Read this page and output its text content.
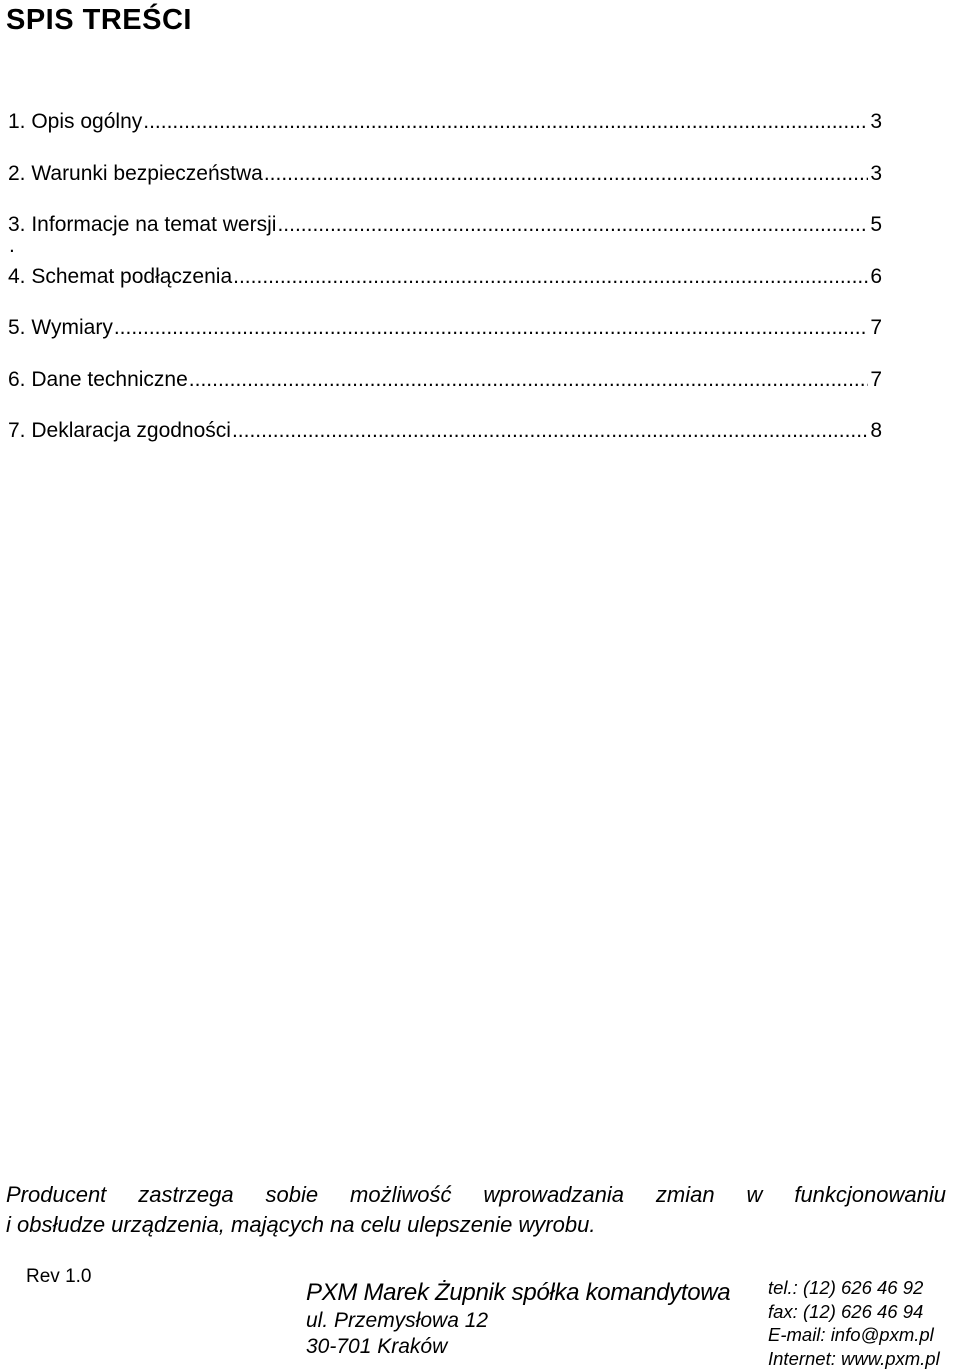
SPIS TREŚCI
1. Opis ogólny .....	3
2. Warunki bezpieczeństwa .....	3
3. Informacje na temat wersji .....	5
4. Schemat podłączenia .....	6
5. Wymiary .....	7
6. Dane techniczne .....	7
7. Deklaracja zgodności .....	8
.

Producent zastrzega sobie możliwość wprowadzania zmian w funkcjonowaniu
i obsłudze urządzenia, mających na celu ulepszenie wyrobu.

Rev 1.0
PXM Marek Żupnik spółka komandytowa
ul. Przemysłowa 12
30-701 Kraków
tel.: (12) 626 46 92
fax: (12) 626 46 94
E-mail: info@pxm.pl
Internet: www.pxm.pl
